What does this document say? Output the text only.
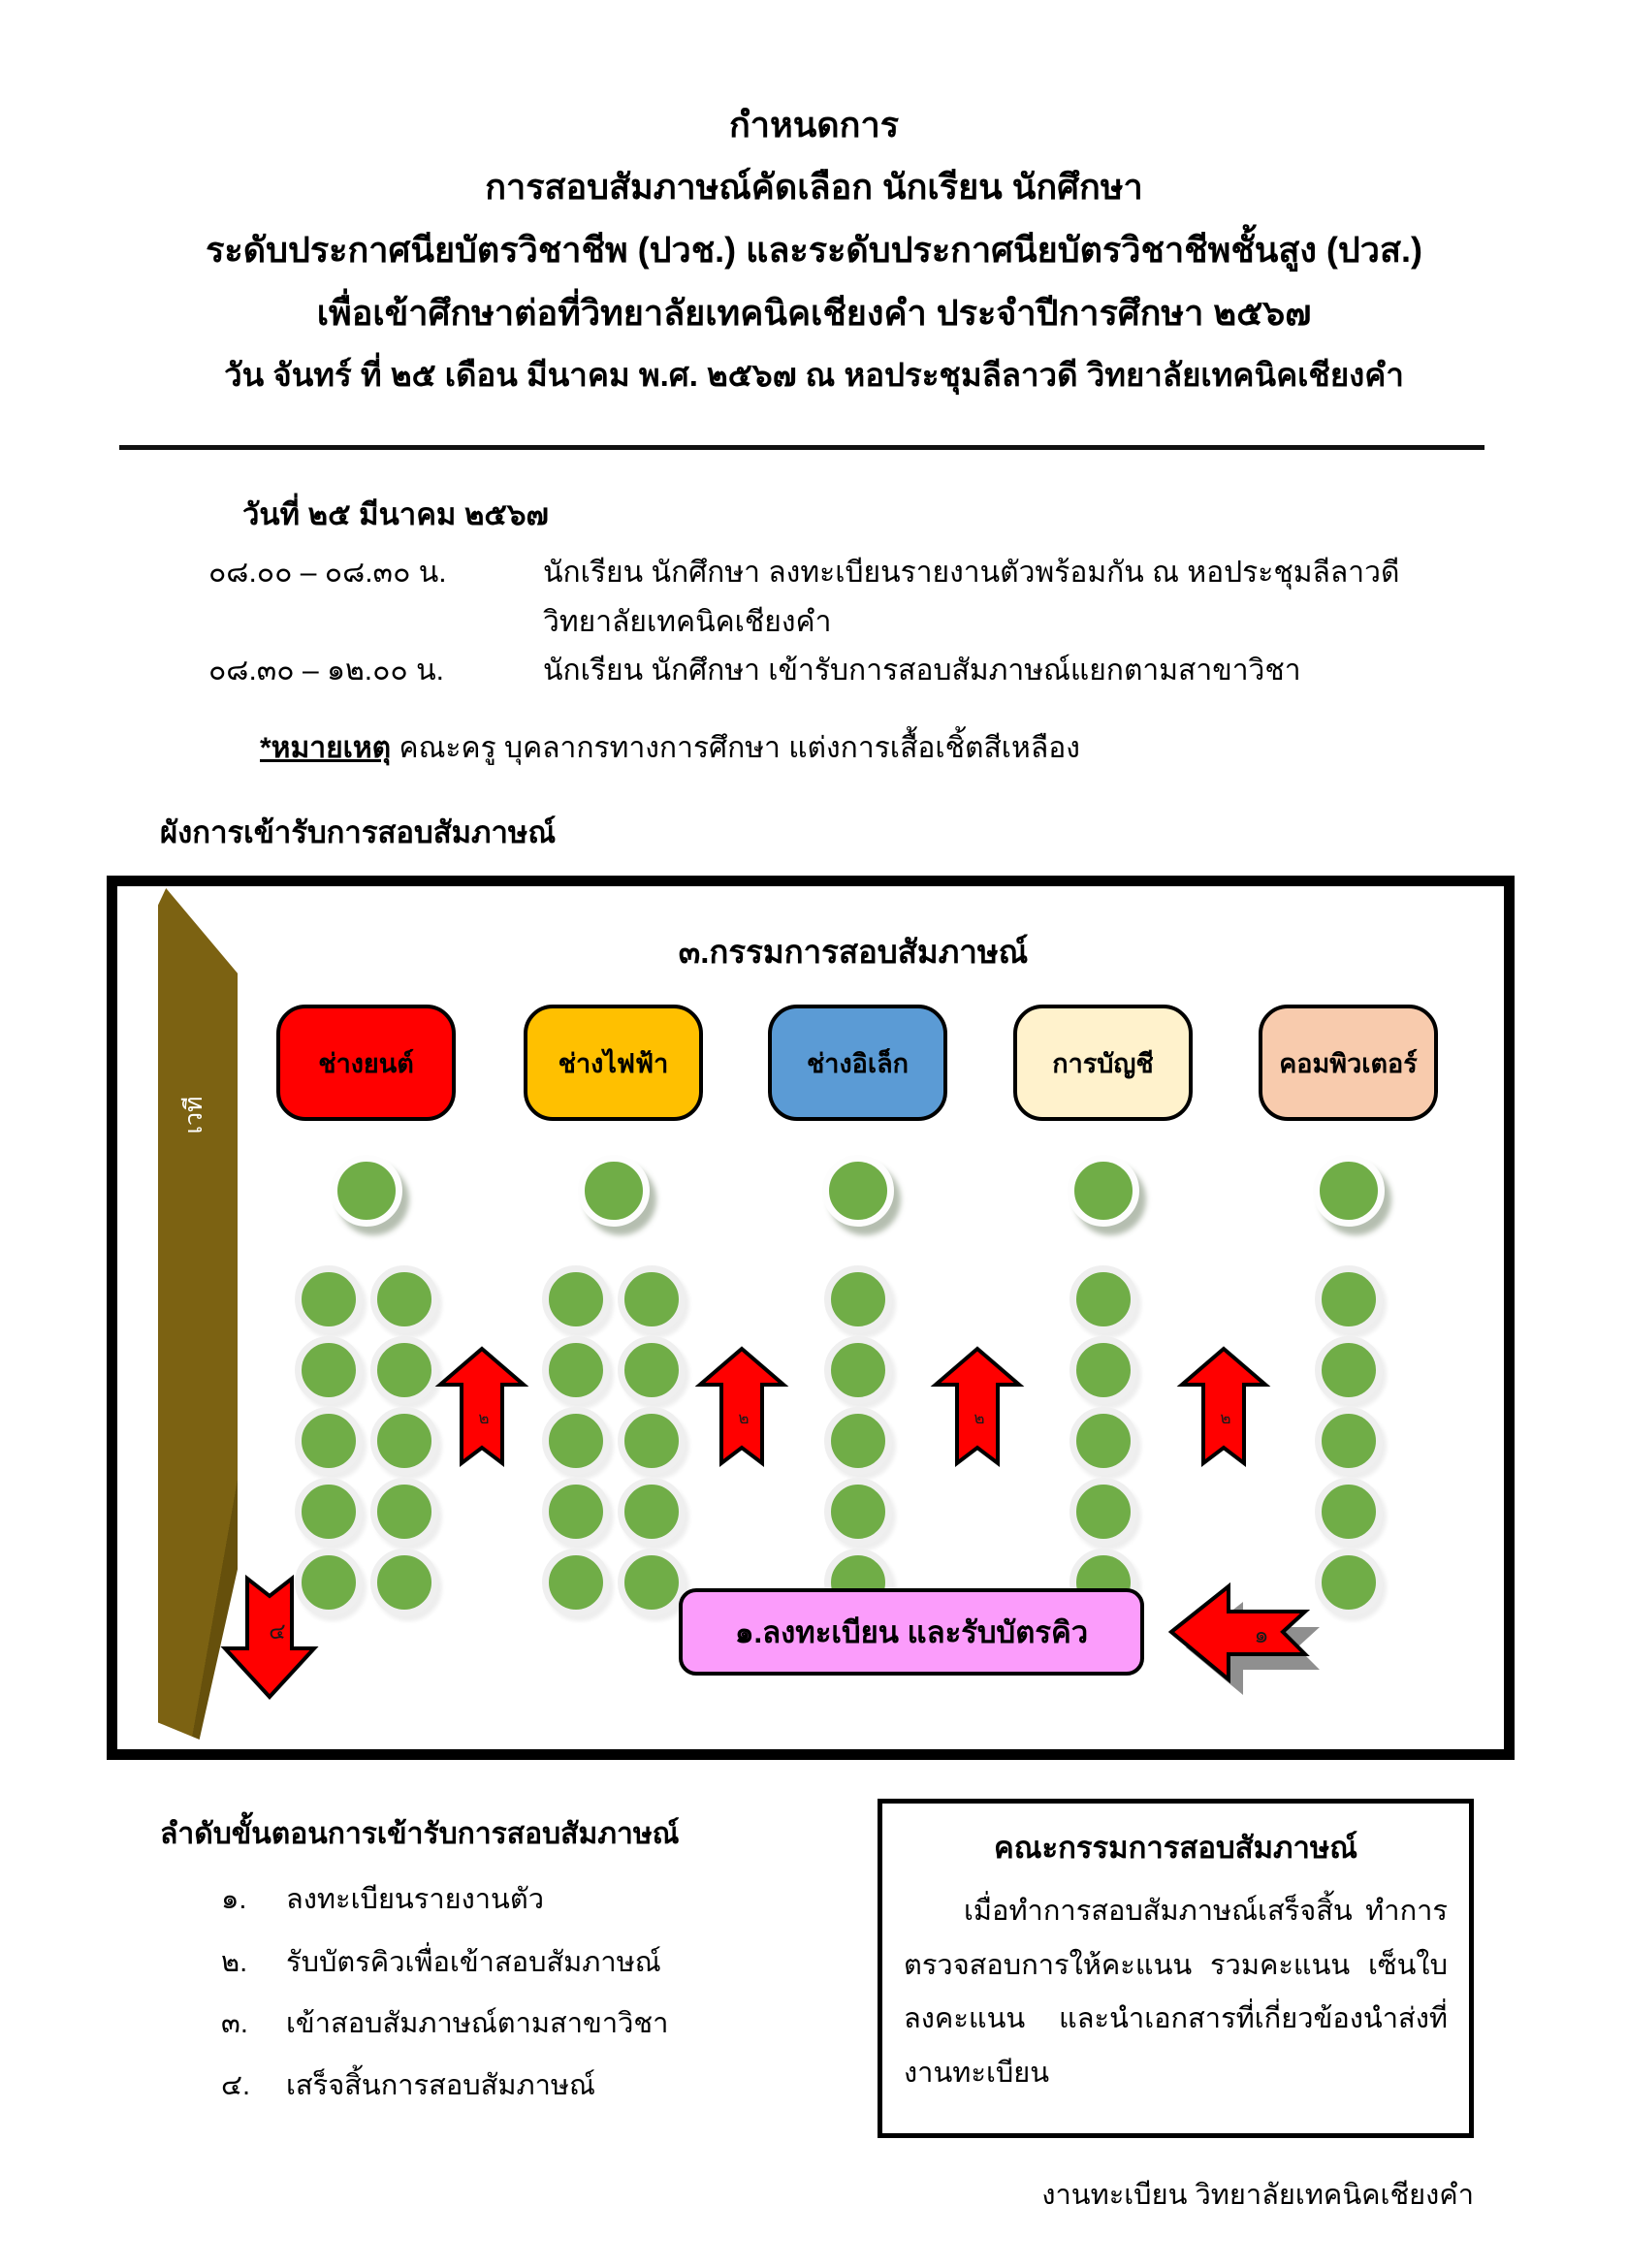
กำหนดการ
การสอบสัมภาษณ์คัดเลือก นักเรียน นักศึกษา
ระดับประกาศนียบัตรวิชาชีพ (ปวช.) และระดับประกาศนียบัตรวิชาชีพชั้นสูง (ปวส.)
เพื่อเข้าศึกษาต่อที่วิทยาลัยเทคนิคเชียงคำ ประจำปีการศึกษา ๒๕๖๗
วัน จันทร์ ที่ ๒๕ เดือน มีนาคม พ.ศ. ๒๕๖๗ ณ หอประชุมลีลาวดี วิทยาลัยเทคนิคเชียงคำ
วันที่ ๒๕ มีนาคม ๒๕๖๗
๐๘.๐๐ – ๐๘.๓๐ น.	นักเรียน นักศึกษา ลงทะเบียนรายงานตัวพร้อมกัน ณ หอประชุมลีลาวดี
วิทยาลัยเทคนิคเชียงคำ
๐๘.๓๐ – ๑๒.๐๐ น.	นักเรียน นักศึกษา เข้ารับการสอบสัมภาษณ์แยกตามสาขาวิชา
*หมายเหตุ คณะครู บุคลากรทางการศึกษา แต่งการเสื้อเชิ้ตสีเหลือง
ผังการเข้ารับการสอบสัมภาษณ์
เวที
๓.กรรมการสอบสัมภาษณ์
ช่างยนต์	ช่างไฟฟ้า	ช่างอิเล็ก	การบัญชี	คอมพิวเตอร์
๒	๒	๒	๒
๑.ลงทะเบียน และรับบัตรคิว	๑
๔
ลำดับขั้นตอนการเข้ารับการสอบสัมภาษณ์
๑. ลงทะเบียนรายงานตัว
๒. รับบัตรคิวเพื่อเข้าสอบสัมภาษณ์
๓. เข้าสอบสัมภาษณ์ตามสาขาวิชา
๔. เสร็จสิ้นการสอบสัมภาษณ์
คณะกรรมการสอบสัมภาษณ์
เมื่อทำการสอบสัมภาษณ์เสร็จสิ้น ทำการตรวจสอบการให้คะแนน รวมคะแนน เซ็นใบลงคะแนน และนำเอกสารที่เกี่ยวข้องนำส่งที่งานทะเบียน
งานทะเบียน วิทยาลัยเทคนิคเชียงคำ
